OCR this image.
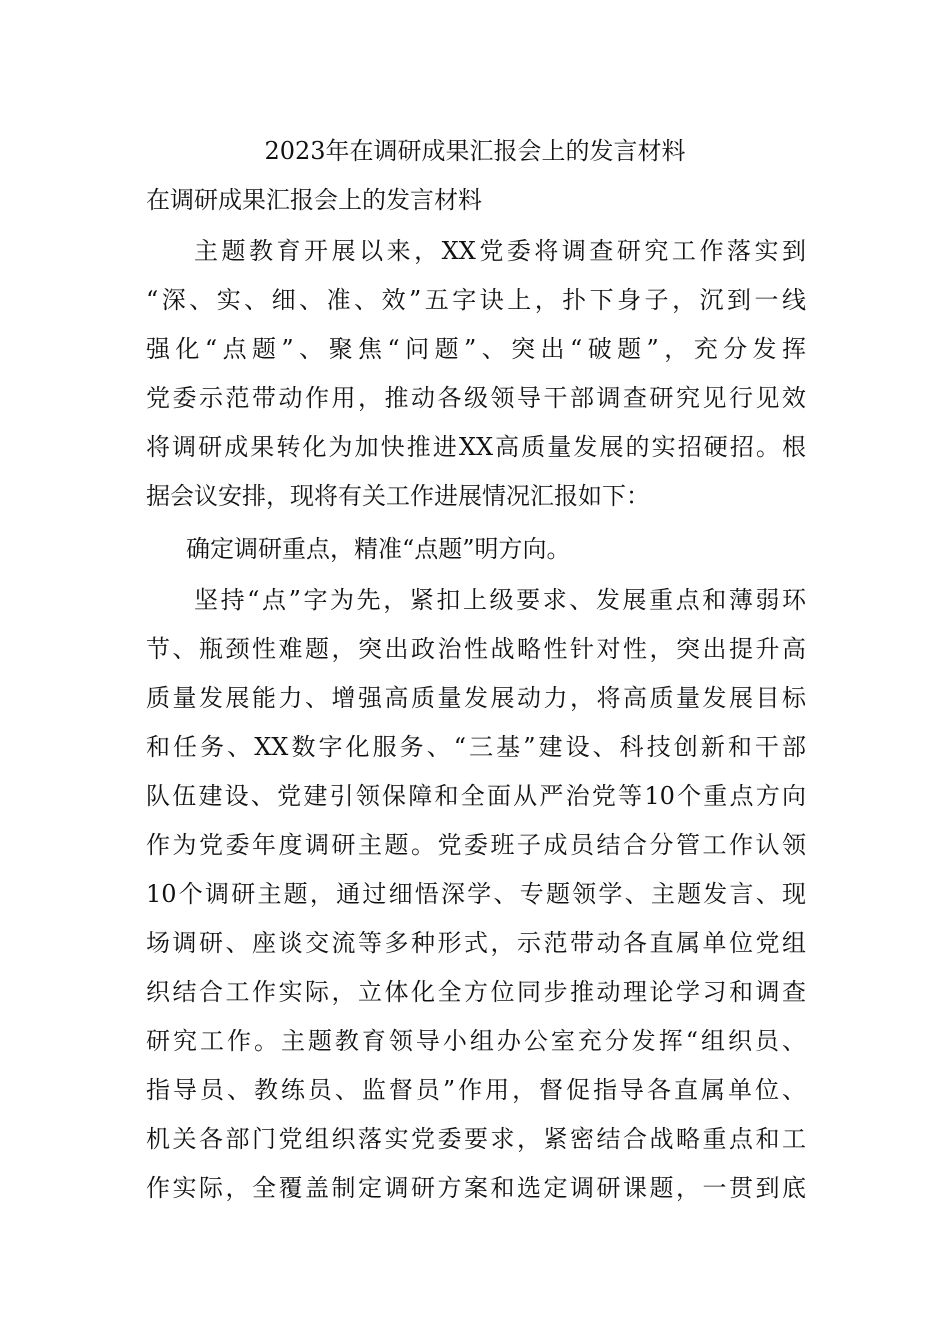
2023年在调研成果汇报会上的发言材料
在调研成果汇报会上的发言材料
主题教育开展以来，XX党委将调查研究工作落实到
“深、实、细、准、效”五字诀上，扑下身子，沉到一线
强化“点题”、聚焦“问题”、突出“破题”，充分发挥
党委示范带动作用，推动各级领导干部调查研究见行见效
将调研成果转化为加快推进XX高质量发展的实招硬招。根
据会议安排，现将有关工作进展情况汇报如下：
确定调研重点，精准“点题”明方向。
坚持“点”字为先，紧扣上级要求、发展重点和薄弱环
节、瓶颈性难题，突出政治性战略性针对性，突出提升高
质量发展能力、增强高质量发展动力，将高质量发展目标
和任务、XX数字化服务、“三基”建设、科技创新和干部
队伍建设、党建引领保障和全面从严治党等10个重点方向
作为党委年度调研主题。党委班子成员结合分管工作认领
10个调研主题，通过细悟深学、专题领学、主题发言、现
场调研、座谈交流等多种形式，示范带动各直属单位党组
织结合工作实际，立体化全方位同步推动理论学习和调查
研究工作。主题教育领导小组办公室充分发挥“组织员、
指导员、教练员、监督员”作用，督促指导各直属单位、
机关各部门党组织落实党委要求，紧密结合战略重点和工
作实际，全覆盖制定调研方案和选定调研课题，一贯到底
